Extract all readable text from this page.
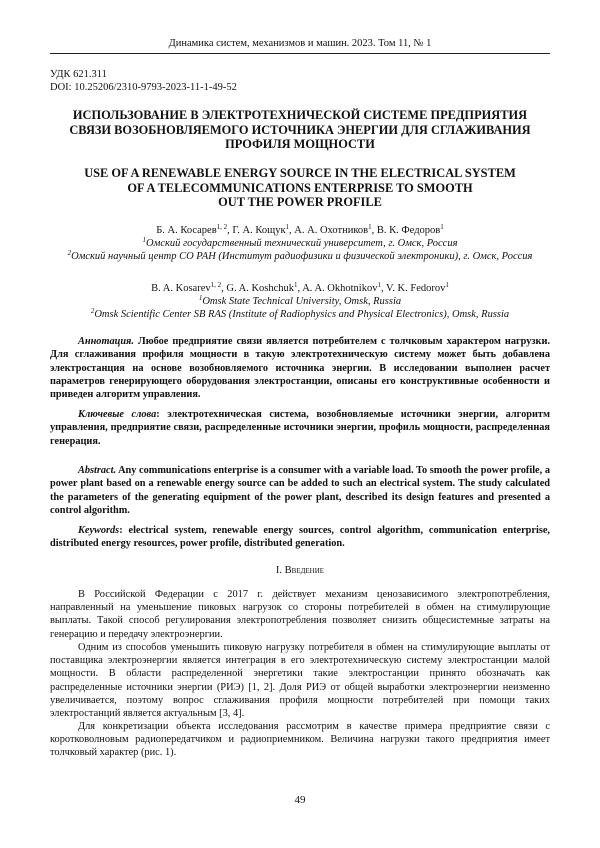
Динамика систем, механизмов и машин. 2023. Том 11, № 1
УДК 621.311
DOI: 10.25206/2310-9793-2023-11-1-49-52
ИСПОЛЬЗОВАНИЕ В ЭЛЕКТРОТЕХНИЧЕСКОЙ СИСТЕМЕ ПРЕДПРИЯТИЯ
СВЯЗИ ВОЗОБНОВЛЯЕМОГО ИСТОЧНИКА ЭНЕРГИИ ДЛЯ СГЛАЖИВАНИЯ
ПРОФИЛЯ МОЩНОСТИ
USE OF A RENEWABLE ENERGY SOURCE IN THE ELECTRICAL SYSTEM
OF A TELECOMMUNICATIONS ENTERPRISE TO SMOOTH
OUT THE POWER PROFILE
Б. А. Косарев$^{1, 2}$, Г. А. Кощук$^1$, А. А. Охотников$^1$, В. К. Федоров$^1$
$^1$Омский государственный технический университет, г. Омск, Россия
$^2$Омский научный центр СО РАН (Институт радиофизики и физической электроники), г. Омск, Россия
B. A. Kosarev$^{1, 2}$, G. A. Koshchuk$^1$, A. A. Okhotnikov$^1$, V. K. Fedorov$^1$
$^1$Omsk State Technical University, Omsk, Russia
$^2$Omsk Scientific Center SB RAS (Institute of Radiophysics and Physical Electronics), Omsk, Russia
Аннотация. Любое предприятие связи является потребителем с толчковым характером нагрузки. Для сглаживания профиля мощности в такую электротехническую систему может быть добавлена электростанция на основе возобновляемого источника энергии. В исследовании выполнен расчет параметров генерирующего оборудования электростанции, описаны его конструктивные особенности и приведен алгоритм управления.
Ключевые слова: электротехническая система, возобновляемые источники энергии, алгоритм управления, предприятие связи, распределенные источники энергии, профиль мощности, распределенная генерация.
Abstract. Any communications enterprise is a consumer with a variable load. To smooth the power profile, a power plant based on a renewable energy source can be added to such an electrical system. The study calculated the parameters of the generating equipment of the power plant, described its design features and presented a control algorithm.
Keywords: electrical system, renewable energy sources, control algorithm, communication enterprise, distributed energy resources, power profile, distributed generation.
I. Введение
В Российской Федерации с 2017 г. действует механизм ценозависимого электропотребления, направленный на уменьшение пиковых нагрузок со стороны потребителей в обмен на стимулирующие выплаты. Такой способ регулирования электропотребления позволяет снизить общесистемные затраты на генерацию и передачу электроэнергии.
Одним из способов уменьшить пиковую нагрузку потребителя в обмен на стимулирующие выплаты от поставщика электроэнергии является интеграция в его электротехническую систему электростанции малой мощности. В области распределенной энергетики такие электростанции принято обозначать как распределенные источники энергии (РИЭ) [1, 2]. Доля РИЭ от общей выработки электроэнергии неизменно увеличивается, поэтому вопрос сглаживания профиля мощности потребителей при помощи таких электростанций является актуальным [3, 4].
Для конкретизации объекта исследования рассмотрим в качестве примера предприятие связи с коротковолновым радиопередатчиком и радиоприемником. Величина нагрузки такого предприятия имеет толчковый характер (рис. 1).
49
